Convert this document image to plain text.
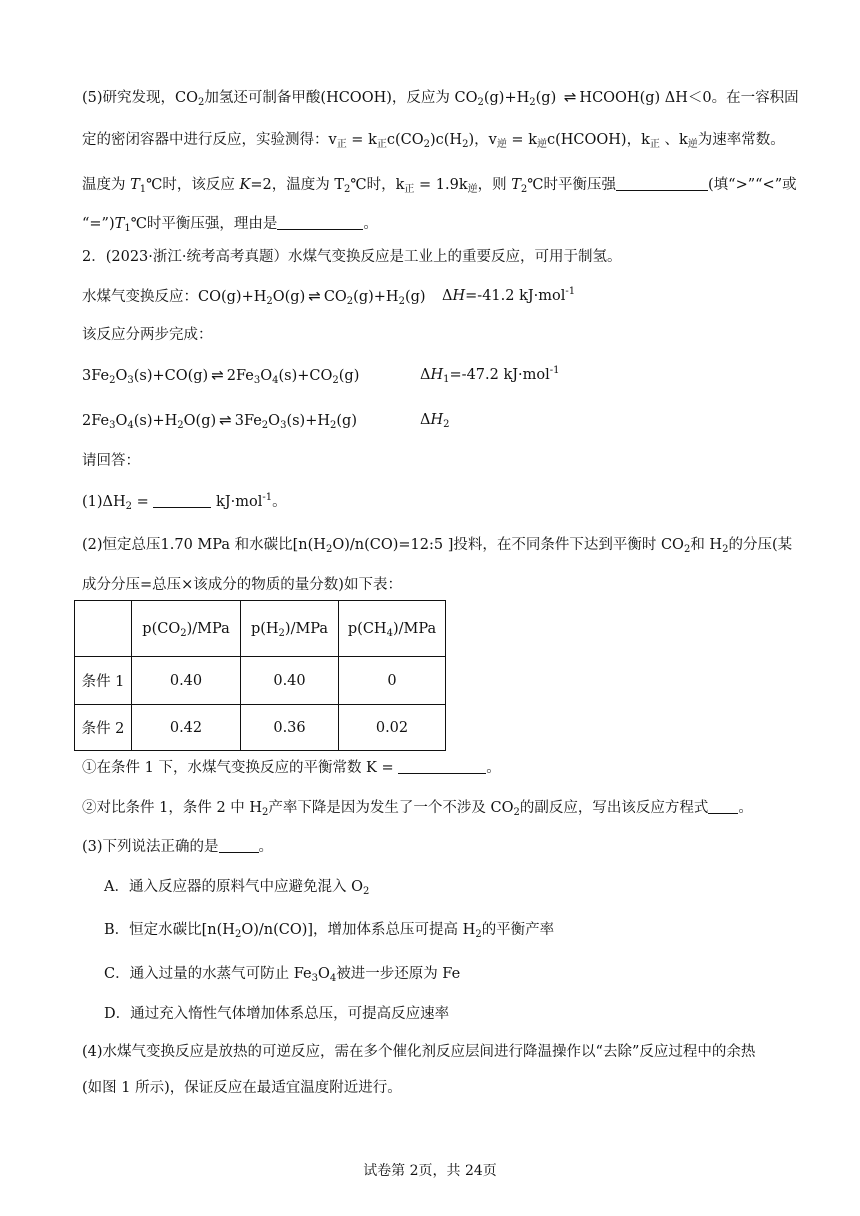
(5)研究发现，$CO_2$加氢还可制备甲酸(HCOOH)，反应为 $CO_2(g)+H_2(g)$ ⇌ HCOOH(g) ΔH＜0。在一容积固
定的密闭容器中进行反应，实验测得：$v_正 = k_正c(CO_2)c(H_2)$，$v_逆$ = $k_逆c(HCOOH)$，$k_正$ 、$k_逆$为速率常数。
温度为 $T_1℃$时，该反应 K=2，温度为 $T_2℃$时，$k_正 = 1.9k_逆$，则 $T_2℃$时平衡压强	(填“>”“<”或
“$=”)T_1℃$时平衡压强，理由是	。
2．(2023·浙江·统考高考真题）水煤气变换反应是工业上的重要反应，可用于制氢。
水煤气变换反应：$CO(g)+H_2O(g)$ ⇌ $CO_2(g)+H_2(g)$ ΔH=-41.2 kJ·mol$^{-1}$
该反应分两步完成：
$3Fe_2O_3(s)+CO(g)$ ⇌ $2Fe_3O_4(s)+CO_2(g)$	$\Delta H_1=-47.2$ kJ·mol$^{-1}$
$2Fe_3O_4(s)+H_2O(g)$ ⇌ $3Fe_2O_3(s)+H_2(g)$	$\Delta H_2$
请回答：
$(1)\Delta H_2$ =	kJ·mol$^{-1}$。
(2)恒定总压1.70 MPa 和水碳比[$n(H_2O)/n(CO)=12:5$ ]投料，在不同条件下达到平衡时 $CO_2$和 $H_2$的分压(某
成分分压=总压×该成分的物质的量分数)如下表：
	$p(CO_2)$/MPa	$p(H_2)$/MPa	$p(CH_4)$/MPa
条件 1	0.40	0.40	0
条件 2	0.42	0.36	0.02
①在条件 1 下，水煤气变换反应的平衡常数 K =	。
②对比条件 1，条件 2 中 $H_2$产率下降是因为发生了一个不涉及 $CO_2$的副反应，写出该反应方程式 。
(3)下列说法正确的是	。
A．通入反应器的原料气中应避免混入 $O_2$
B．恒定水碳比$[n(H_2O)/n(CO)]$，增加体系总压可提高 $H_2$的平衡产率
C．通入过量的水蒸气可防止 $Fe_3O_4$被进一步还原为 Fe
D．通过充入惰性气体增加体系总压，可提高反应速率
(4)水煤气变换反应是放热的可逆反应，需在多个催化剂反应层间进行降温操作以“去除”反应过程中的余热
(如图 1 所示)，保证反应在最适宜温度附近进行。
试卷第 2页，共 24页
